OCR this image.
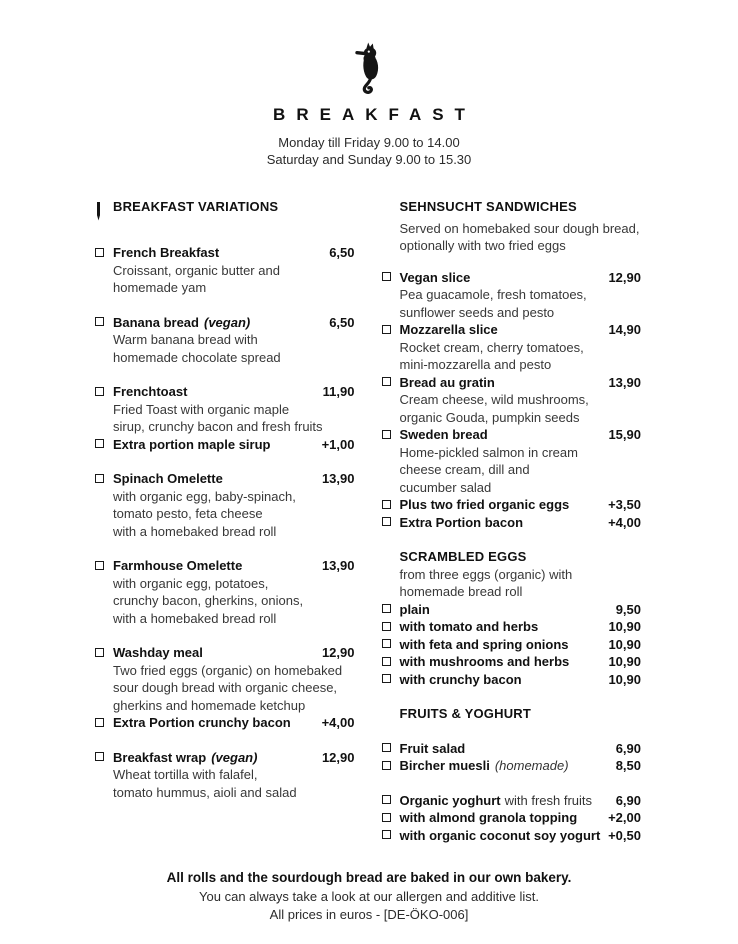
BREAKFAST
Monday till Friday 9.00 to 14.00
Saturday and Sunday 9.00 to 15.30
BREAKFAST VARIATIONS
French Breakfast	6,50
Croissant, organic butter and
homemade yam
Banana bread (vegan)	6,50
Warm banana bread with
homemade chocolate spread
Frenchtoast	11,90
Fried Toast with organic maple
sirup, crunchy bacon and fresh fruits
Extra portion maple sirup	+1,00
Spinach Omelette	13,90
with organic egg, baby-spinach,
tomato pesto, feta cheese
with a homebaked bread roll
Farmhouse Omelette	13,90
with organic egg, potatoes,
crunchy bacon, gherkins, onions,
with a homebaked bread roll
Washday meal	12,90
Two fried eggs (organic) on homebaked
sour dough bread with organic cheese,
gherkins and homemade ketchup
Extra Portion crunchy bacon	+4,00
Breakfast wrap (vegan)	12,90
Wheat tortilla with falafel,
tomato hummus, aioli and salad
SEHNSUCHT SANDWICHES
Served on homebaked sour dough bread,
optionally with two fried eggs
Vegan slice	12,90
Pea guacamole, fresh tomatoes,
sunflower seeds and pesto
Mozzarella slice	14,90
Rocket cream, cherry tomatoes,
mini-mozzarella and pesto
Bread au gratin	13,90
Cream cheese, wild mushrooms,
organic Gouda, pumpkin seeds
Sweden bread	15,90
Home-pickled salmon in cream
cheese cream, dill and
cucumber salad
Plus two fried organic eggs	+3,50
Extra Portion bacon	+4,00
SCRAMBLED EGGS
from three eggs (organic) with
homemade bread roll
plain	9,50
with tomato and herbs	10,90
with feta and spring onions	10,90
with mushrooms and herbs	10,90
with crunchy bacon	10,90
FRUITS & YOGHURT
Fruit salad	6,90
Bircher muesli (homemade)	8,50
Organic yoghurt with fresh fruits	6,90
with almond granola topping	+2,00
with organic coconut soy yogurt +0,50
All rolls and the sourdough bread are baked in our own bakery.
You can always take a look at our allergen and additive list.
All prices in euros - [DE-ÖKO-006]
